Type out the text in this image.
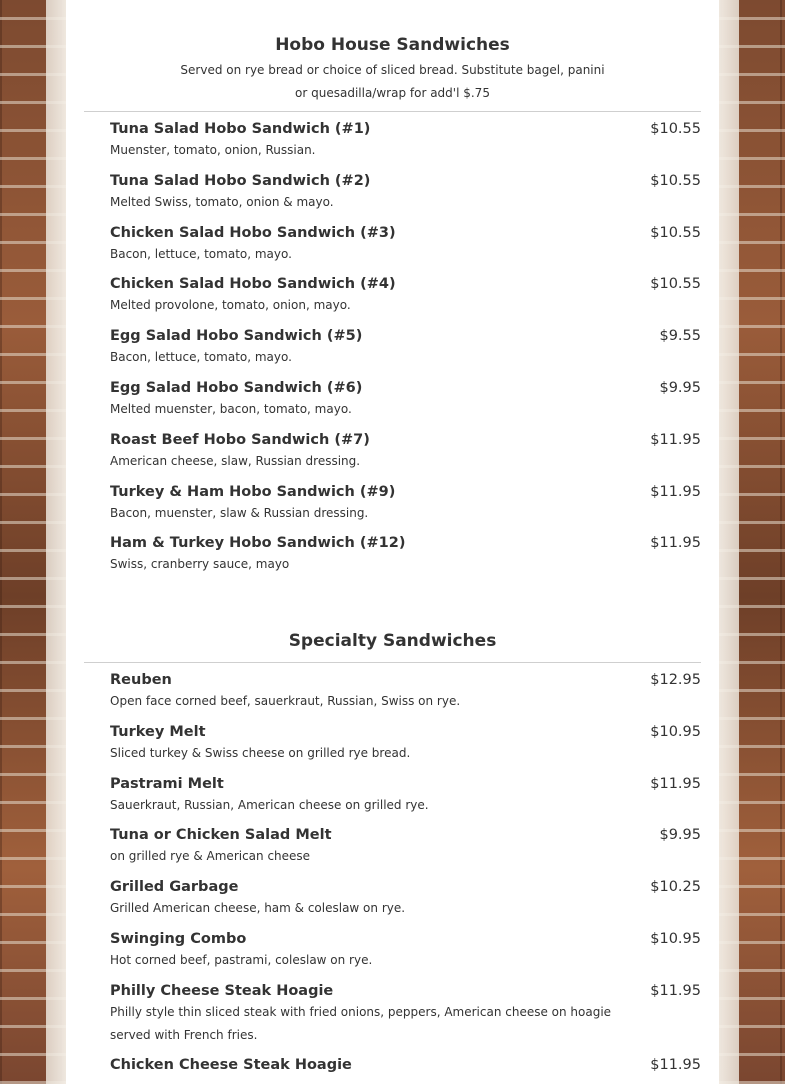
Hobo House Sandwiches

Served on rye bread or choice of sliced bread. Substitute bagel, panini or quesadilla/wrap for add'l $.75

Tuna Salad Hobo Sandwich (#1)	$10.55
Muenster, tomato, onion, Russian.
Tuna Salad Hobo Sandwich (#2)	$10.55
Melted Swiss, tomato, onion & mayo.
Chicken Salad Hobo Sandwich (#3)	$10.55
Bacon, lettuce, tomato, mayo.
Chicken Salad Hobo Sandwich (#4)	$10.55
Melted provolone, tomato, onion, mayo.
Egg Salad Hobo Sandwich (#5)	$9.55
Bacon, lettuce, tomato, mayo.
Egg Salad Hobo Sandwich (#6)	$9.95
Melted muenster, bacon, tomato, mayo.
Roast Beef Hobo Sandwich (#7)	$11.95
American cheese, slaw, Russian dressing.
Turkey & Ham Hobo Sandwich (#9)	$11.95
Bacon, muenster, slaw & Russian dressing.
Ham & Turkey Hobo Sandwich (#12)	$11.95
Swiss, cranberry sauce, mayo
Specialty Sandwiches
Reuben	$12.95
Open face corned beef, sauerkraut, Russian, Swiss on rye.
Turkey Melt	$10.95
Sliced turkey & Swiss cheese on grilled rye bread.
Pastrami Melt	$11.95
Sauerkraut, Russian, American cheese on grilled rye.
Tuna or Chicken Salad Melt	$9.95
on grilled rye & American cheese
Grilled Garbage	$10.25
Grilled American cheese, ham & coleslaw on rye.
Swinging Combo	$10.95
Hot corned beef, pastrami, coleslaw on rye.
Philly Cheese Steak Hoagie	$11.95
Philly style thin sliced steak with fried onions, peppers, American cheese on hoagie served with French fries.
Chicken Cheese Steak Hoagie	$11.95
